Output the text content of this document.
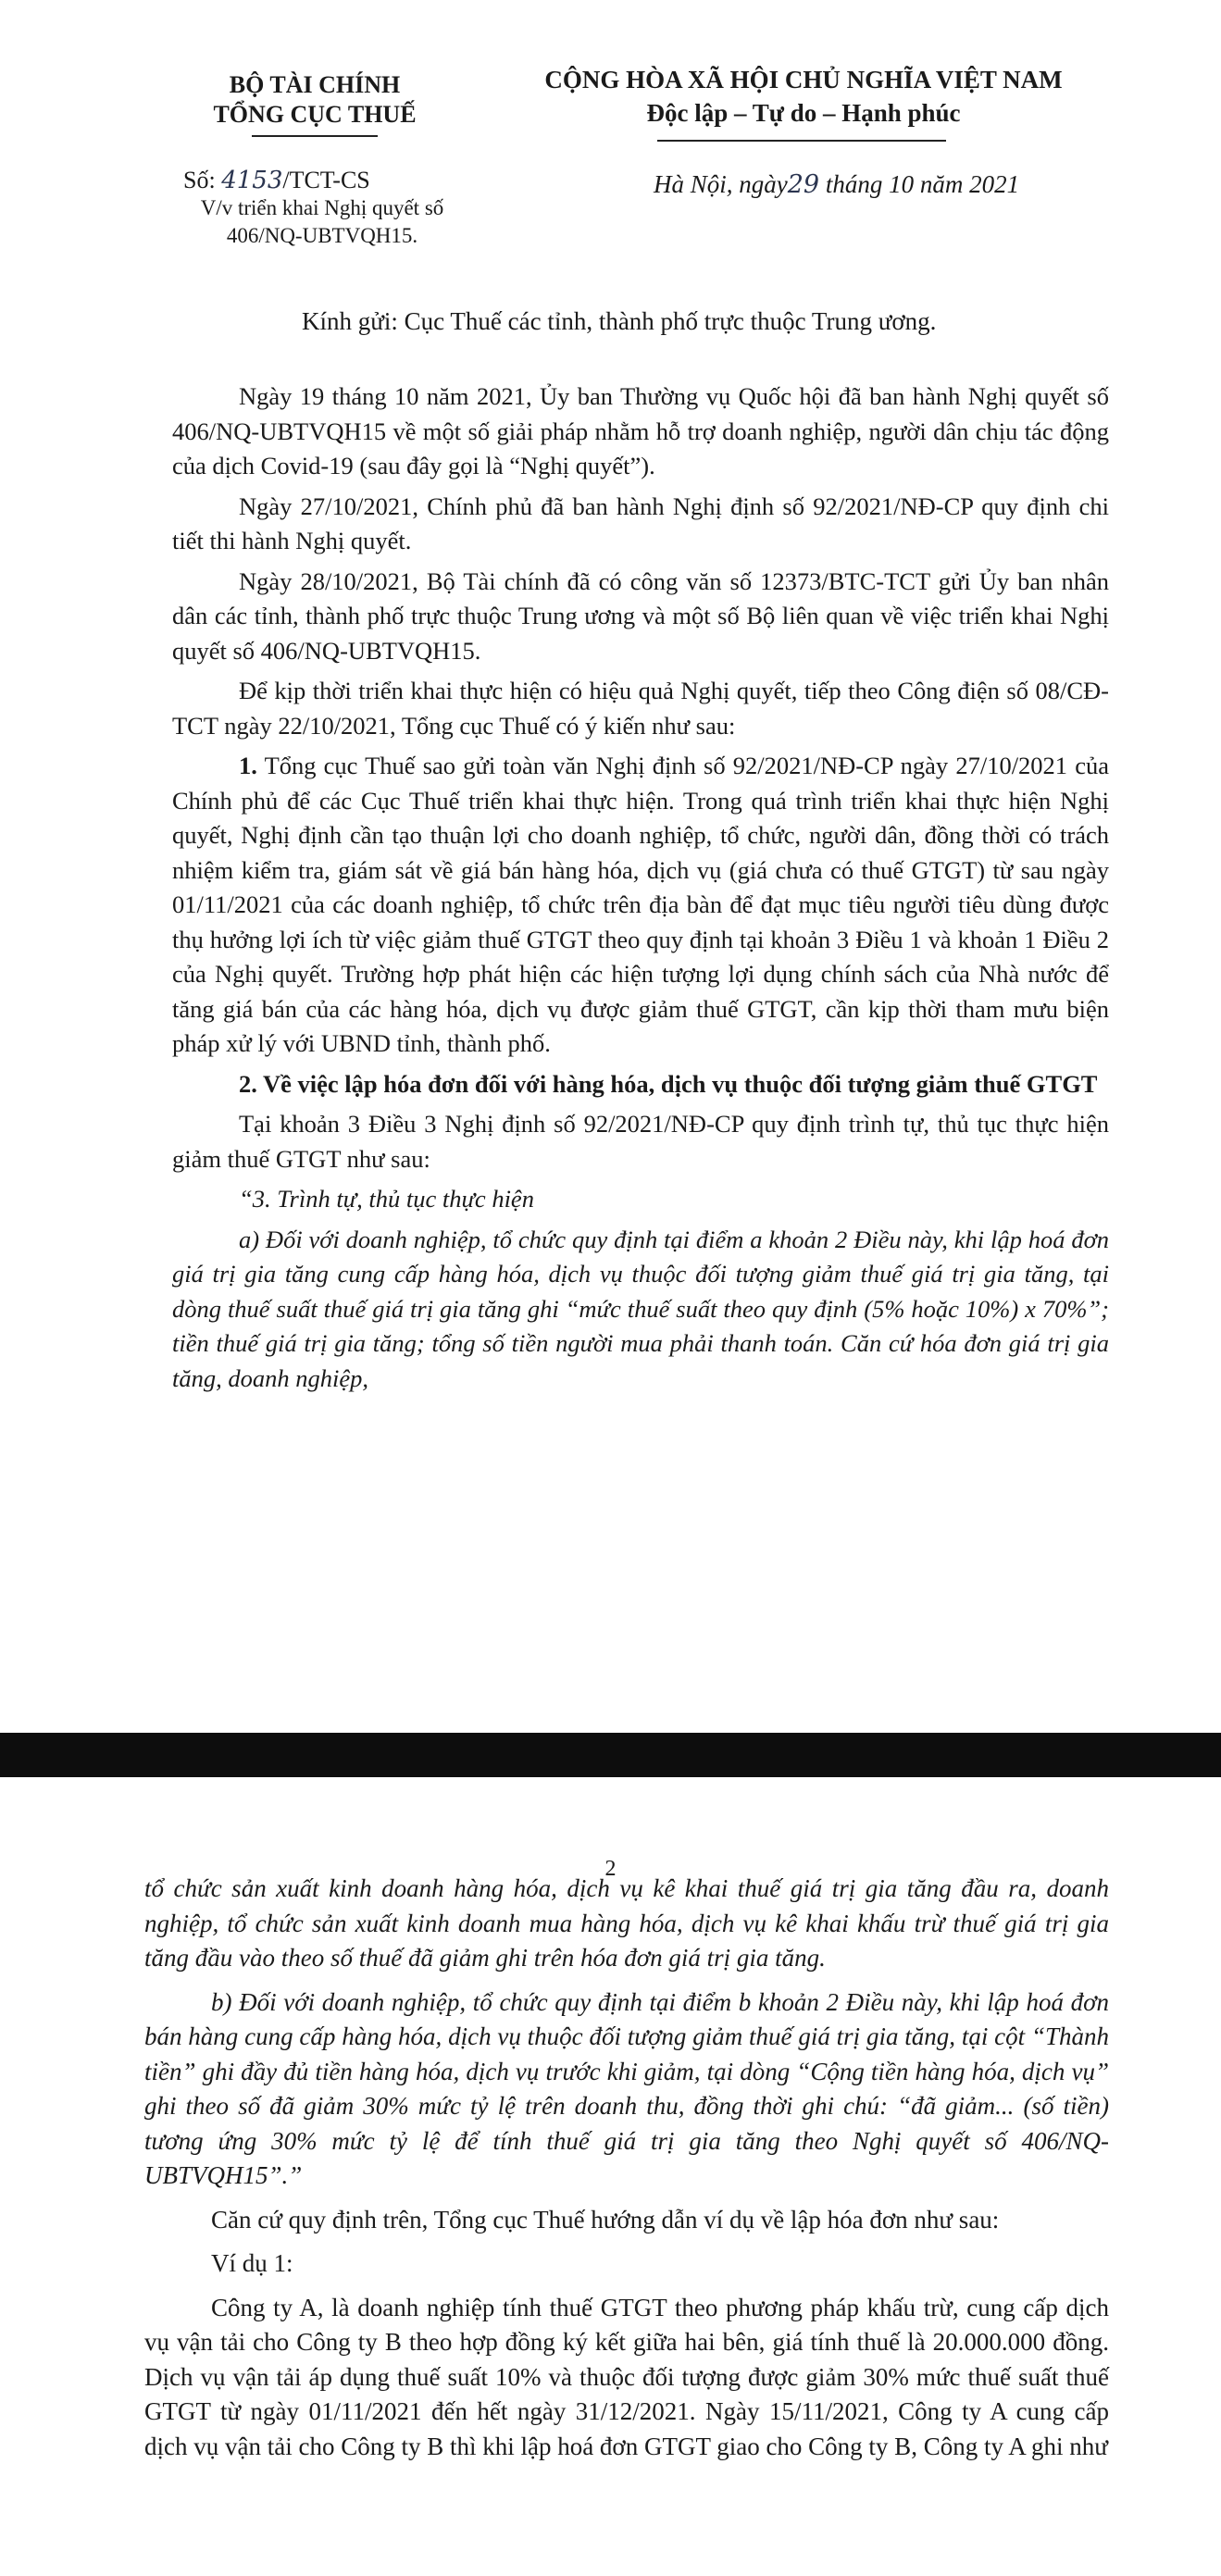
BỘ TÀI CHÍNH
TỔNG CỤC THUẾ
CỘNG HÒA XÃ HỘI CHỦ NGHĨA VIỆT NAM
Độc lập – Tự do – Hạnh phúc
Số: 4153/TCT-CS
V/v triển khai Nghị quyết số
406/NQ-UBTVQH15.
Hà Nội, ngày29 tháng 10 năm 2021
Kính gửi: Cục Thuế các tỉnh, thành phố trực thuộc Trung ương.

Ngày 19 tháng 10 năm 2021, Ủy ban Thường vụ Quốc hội đã ban hành Nghị quyết số 406/NQ-UBTVQH15 về một số giải pháp nhằm hỗ trợ doanh nghiệp, người dân chịu tác động của dịch Covid-19 (sau đây gọi là “Nghị quyết”).

Ngày 27/10/2021, Chính phủ đã ban hành Nghị định số 92/2021/NĐ-CP quy định chi tiết thi hành Nghị quyết.

Ngày 28/10/2021, Bộ Tài chính đã có công văn số 12373/BTC-TCT gửi Ủy ban nhân dân các tỉnh, thành phố trực thuộc Trung ương và một số Bộ liên quan về việc triển khai Nghị quyết số 406/NQ-UBTVQH15.

Để kịp thời triển khai thực hiện có hiệu quả Nghị quyết, tiếp theo Công điện số 08/CĐ-TCT ngày 22/10/2021, Tổng cục Thuế có ý kiến như sau:

1. Tổng cục Thuế sao gửi toàn văn Nghị định số 92/2021/NĐ-CP ngày 27/10/2021 của Chính phủ để các Cục Thuế triển khai thực hiện. Trong quá trình triển khai thực hiện Nghị quyết, Nghị định cần tạo thuận lợi cho doanh nghiệp, tổ chức, người dân, đồng thời có trách nhiệm kiểm tra, giám sát về giá bán hàng hóa, dịch vụ (giá chưa có thuế GTGT) từ sau ngày 01/11/2021 của các doanh nghiệp, tổ chức trên địa bàn để đạt mục tiêu người tiêu dùng được thụ hưởng lợi ích từ việc giảm thuế GTGT theo quy định tại khoản 3 Điều 1 và khoản 1 Điều 2 của Nghị quyết. Trường hợp phát hiện các hiện tượng lợi dụng chính sách của Nhà nước để tăng giá bán của các hàng hóa, dịch vụ được giảm thuế GTGT, cần kịp thời tham mưu biện pháp xử lý với UBND tỉnh, thành phố.

2. Về việc lập hóa đơn đối với hàng hóa, dịch vụ thuộc đối tượng giảm thuế GTGT

Tại khoản 3 Điều 3 Nghị định số 92/2021/NĐ-CP quy định trình tự, thủ tục thực hiện giảm thuế GTGT như sau:

“3. Trình tự, thủ tục thực hiện

a) Đối với doanh nghiệp, tổ chức quy định tại điểm a khoản 2 Điều này, khi lập hoá đơn giá trị gia tăng cung cấp hàng hóa, dịch vụ thuộc đối tượng giảm thuế giá trị gia tăng, tại dòng thuế suất thuế giá trị gia tăng ghi “mức thuế suất theo quy định (5% hoặc 10%) x 70%”; tiền thuế giá trị gia tăng; tổng số tiền người mua phải thanh toán. Căn cứ hóa đơn giá trị gia tăng, doanh nghiệp,

2

tổ chức sản xuất kinh doanh hàng hóa, dịch vụ kê khai thuế giá trị gia tăng đầu ra, doanh nghiệp, tổ chức sản xuất kinh doanh mua hàng hóa, dịch vụ kê khai khấu trừ thuế giá trị gia tăng đầu vào theo số thuế đã giảm ghi trên hóa đơn giá trị gia tăng.

b) Đối với doanh nghiệp, tổ chức quy định tại điểm b khoản 2 Điều này, khi lập hoá đơn bán hàng cung cấp hàng hóa, dịch vụ thuộc đối tượng giảm thuế giá trị gia tăng, tại cột “Thành tiền” ghi đầy đủ tiền hàng hóa, dịch vụ trước khi giảm, tại dòng “Cộng tiền hàng hóa, dịch vụ” ghi theo số đã giảm 30% mức tỷ lệ trên doanh thu, đồng thời ghi chú: “đã giảm... (số tiền) tương ứng 30% mức tỷ lệ để tính thuế giá trị gia tăng theo Nghị quyết số 406/NQ-UBTVQH15”.”

Căn cứ quy định trên, Tổng cục Thuế hướng dẫn ví dụ về lập hóa đơn như sau:

Ví dụ 1:

Công ty A, là doanh nghiệp tính thuế GTGT theo phương pháp khấu trừ, cung cấp dịch vụ vận tải cho Công ty B theo hợp đồng ký kết giữa hai bên, giá tính thuế là 20.000.000 đồng. Dịch vụ vận tải áp dụng thuế suất 10% và thuộc đối tượng được giảm 30% mức thuế suất thuế GTGT từ ngày 01/11/2021 đến hết ngày 31/12/2021. Ngày 15/11/2021, Công ty A cung cấp dịch vụ vận tải cho Công ty B thì khi lập hoá đơn GTGT giao cho Công ty B, Công ty A ghi như
